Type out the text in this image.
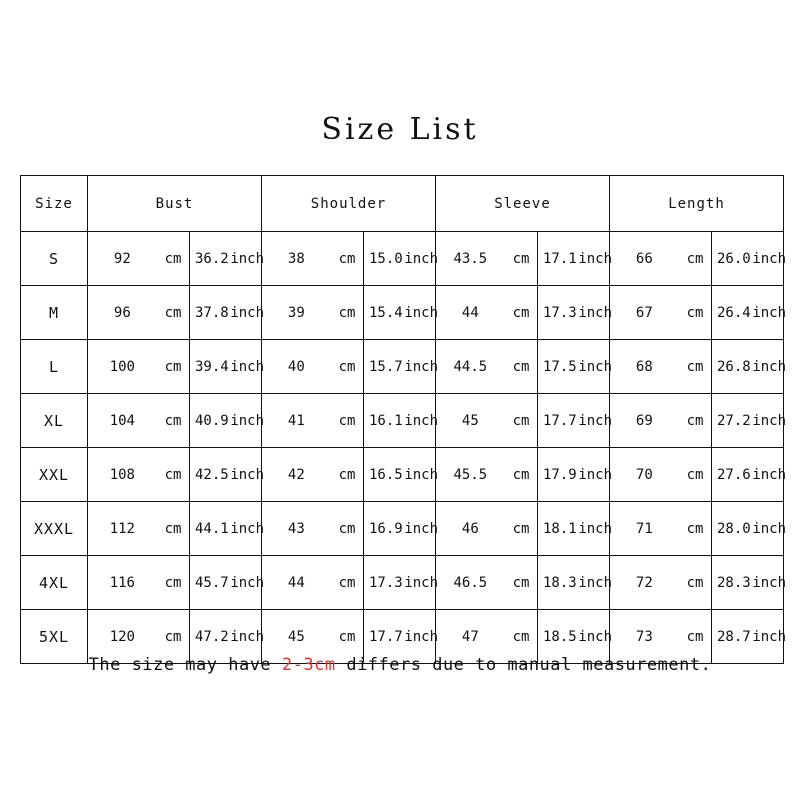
Size List
Size	Bust	Shoulder	Sleeve	Length
S	92	cm 36.2 inch	38	cm 15.0 inch	43.5	cm 17.1 inch	66	cm 26.0 inch

M	96	cm 37.8 inch	39	cm 15.4 inch	44	cm 17.3 inch	67	cm 26.4 inch

L	100	cm 39.4 inch	40	cm 15.7 inch	44.5	cm 17.5 inch	68	cm 26.8 inch

XL	104	cm 40.9 inch	41	cm 16.1 inch	45	cm 17.7 inch	69	cm 27.2 inch

XXL	108	cm 42.5 inch	42	cm 16.5 inch	45.5	cm 17.9 inch	70	cm 27.6 inch

XXXL	112	cm 44.1 inch	43	cm 16.9 inch	46	cm 18.1 inch	71	cm 28.0 inch

4XL	116	cm 45.7 inch	44	cm 17.3 inch	46.5	cm 18.3 inch	72	cm 28.3 inch

5XL	120	cm 47.2 inch	45	cm 17.7 inch	47	cm 18.5 inch	73	cm 28.7 inch
The size may have 2-3cm differs due to manual measurement.
